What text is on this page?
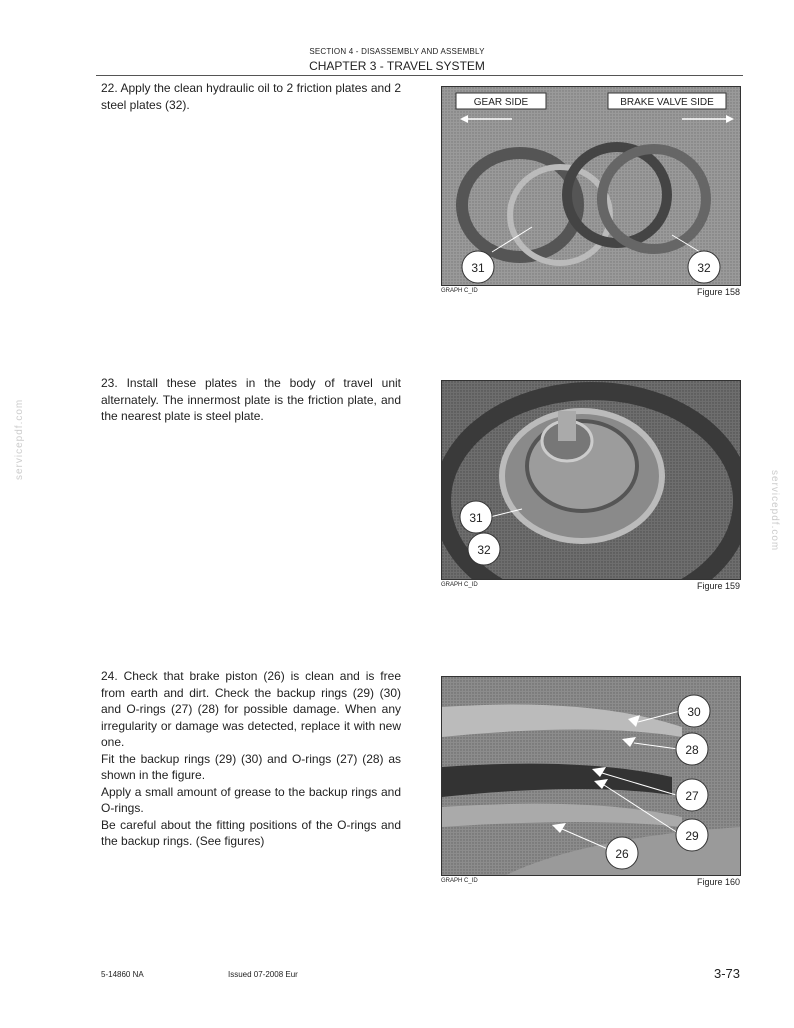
SECTION 4 - DISASSEMBLY AND ASSEMBLY
CHAPTER 3 - TRAVEL SYSTEM
servicepdf.com
servicepdf.com

22. Apply the clean hydraulic oil to 2 friction plates and 2 steel plates (32).	GEAR SIDE	BRAKE VALVE SIDE
31	32
GRAPH C_ID	Figure 158

23. Install these plates in the body of travel unit alternately. The innermost plate is the friction plate, and the nearest plate is steel plate.

31
32
GRAPH C_ID	Figure 159

24. Check that brake piston (26) is clean and is free from earth and dirt. Check the backup rings (29) (30) and O-rings (27) (28) for possible damage. When any irregularity or damage was detected, replace it with new one.

Fit the backup rings (29) (30) and O-rings (27) (28) as shown in the figure.

Apply a small amount of grease to the backup rings and O-rings.

Be careful about the fitting positions of the O-rings and the backup rings. (See figures)

30
28
27
29
26
GRAPH C_ID	Figure 160
5-14860 NA	Issued 07-2008 Eur	3-73
